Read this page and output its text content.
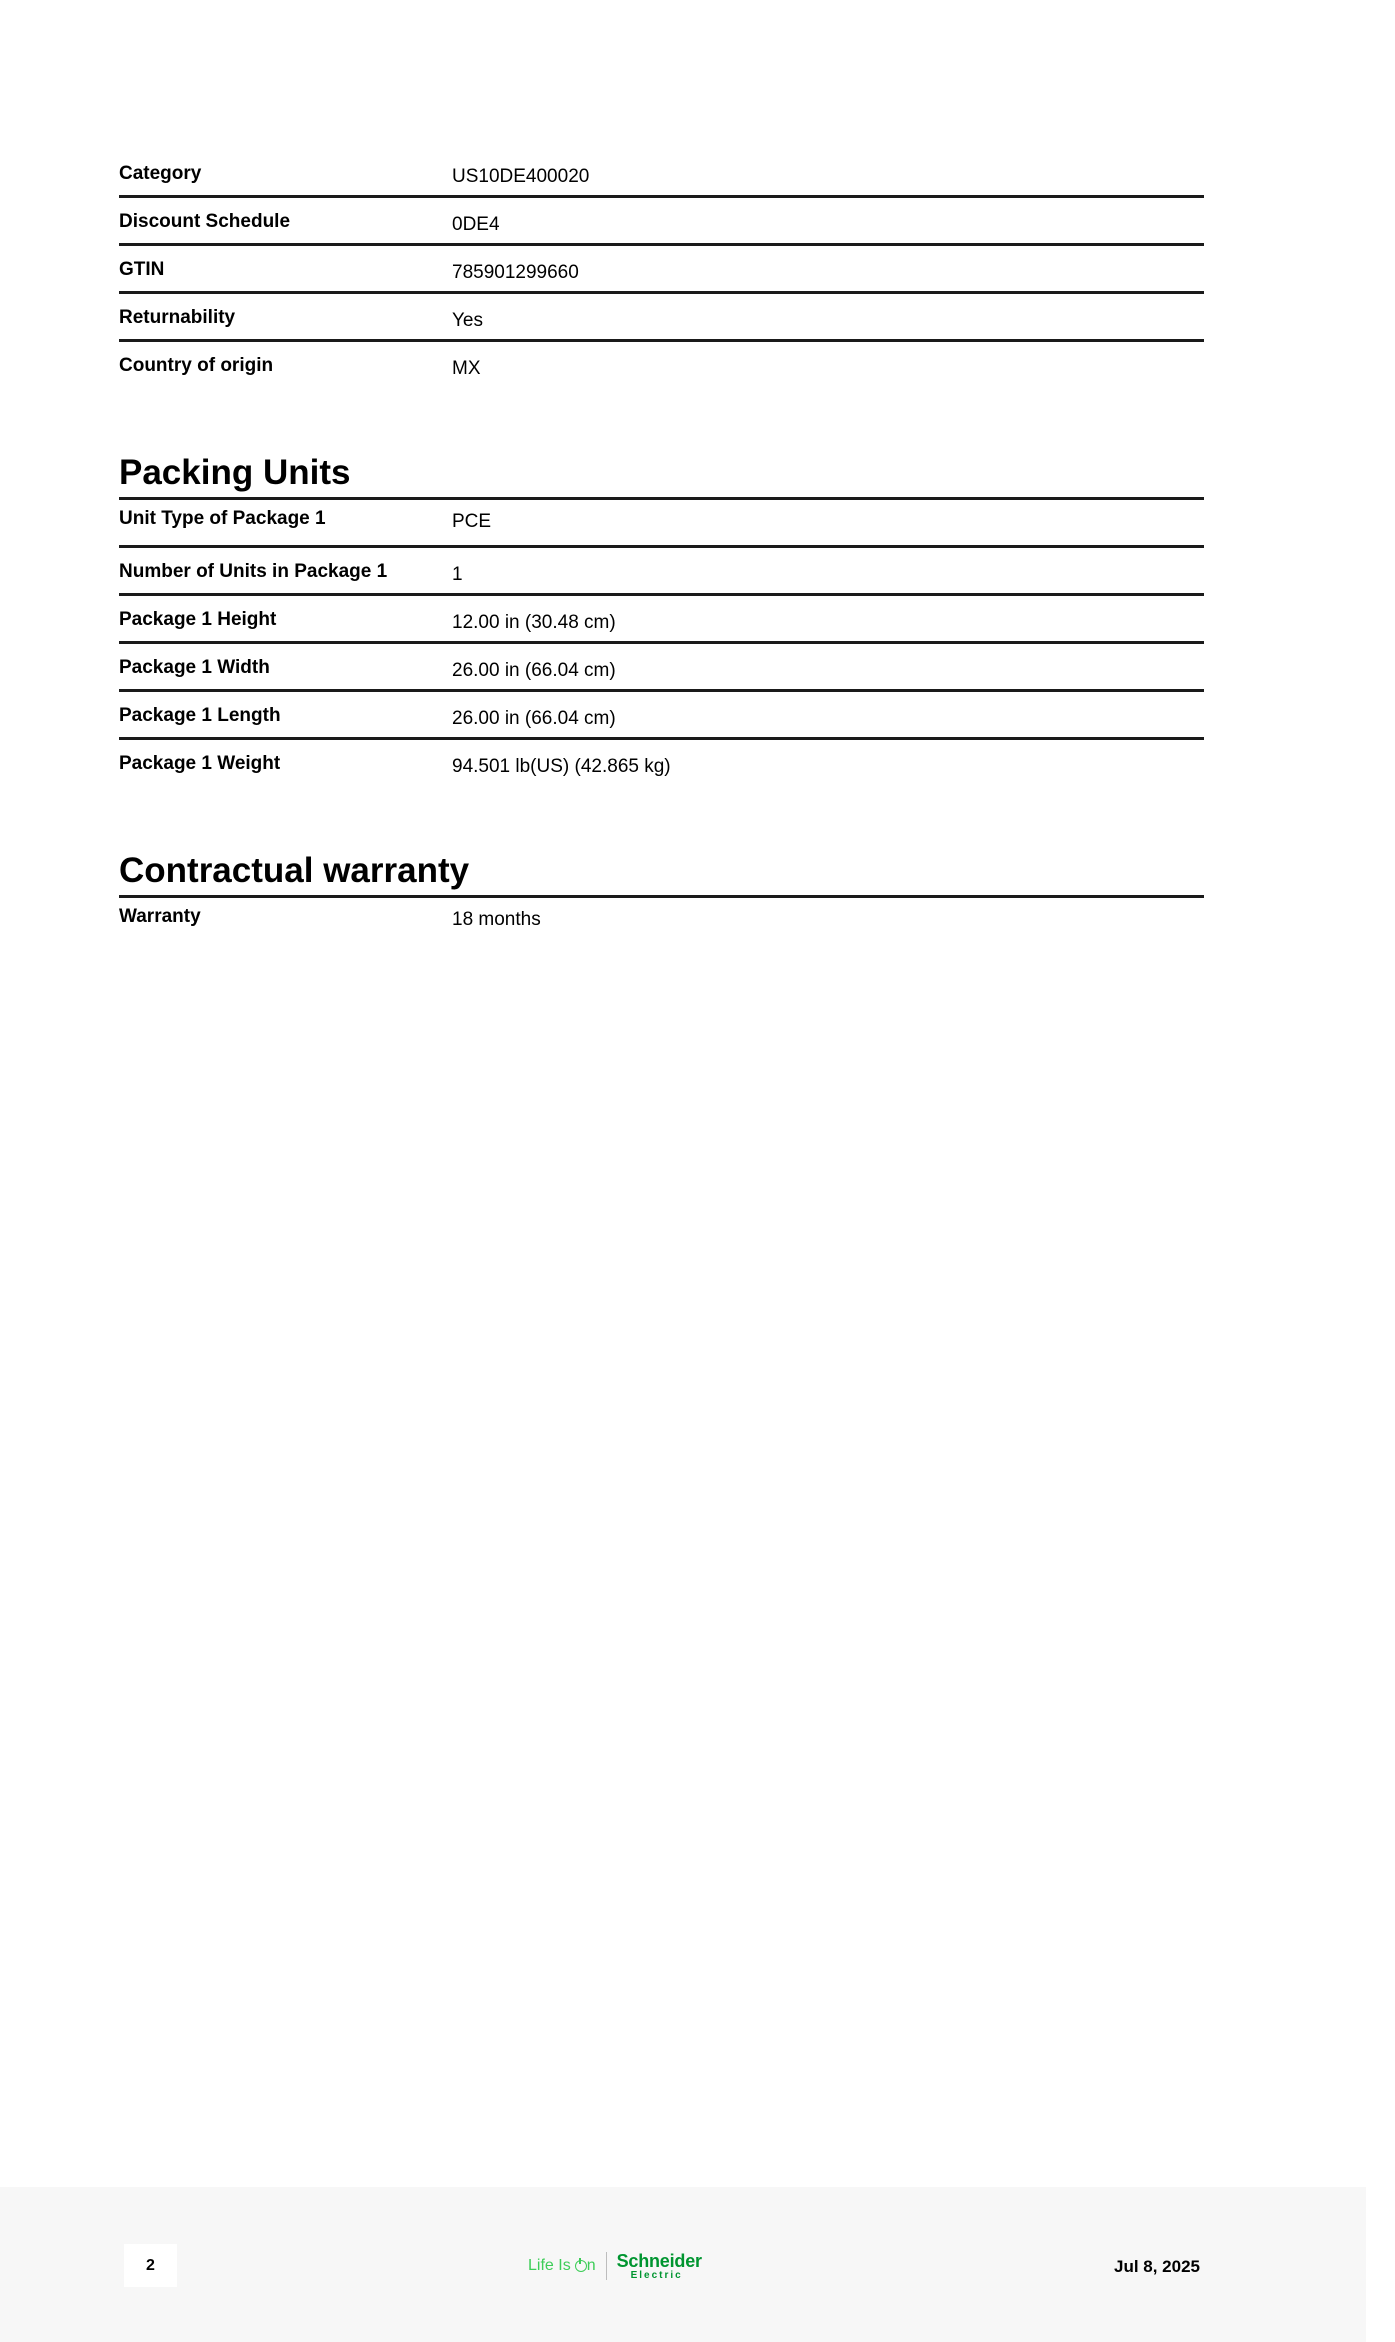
Category	US10DE400020
Discount Schedule	0DE4
GTIN	785901299660
Returnability	Yes
Country of origin	MX
Packing Units
Unit Type of Package 1	PCE
Number of Units in Package 1	1
Package 1 Height	12.00 in (30.48 cm)
Package 1 Width	26.00 in (66.04 cm)
Package 1 Length	26.00 in (66.04 cm)
Package 1 Weight	94.501 lb(US) (42.865 kg)
Contractual warranty
Warranty	18 months
2	Life Is n Schneider
Electric	Jul 8, 2025
